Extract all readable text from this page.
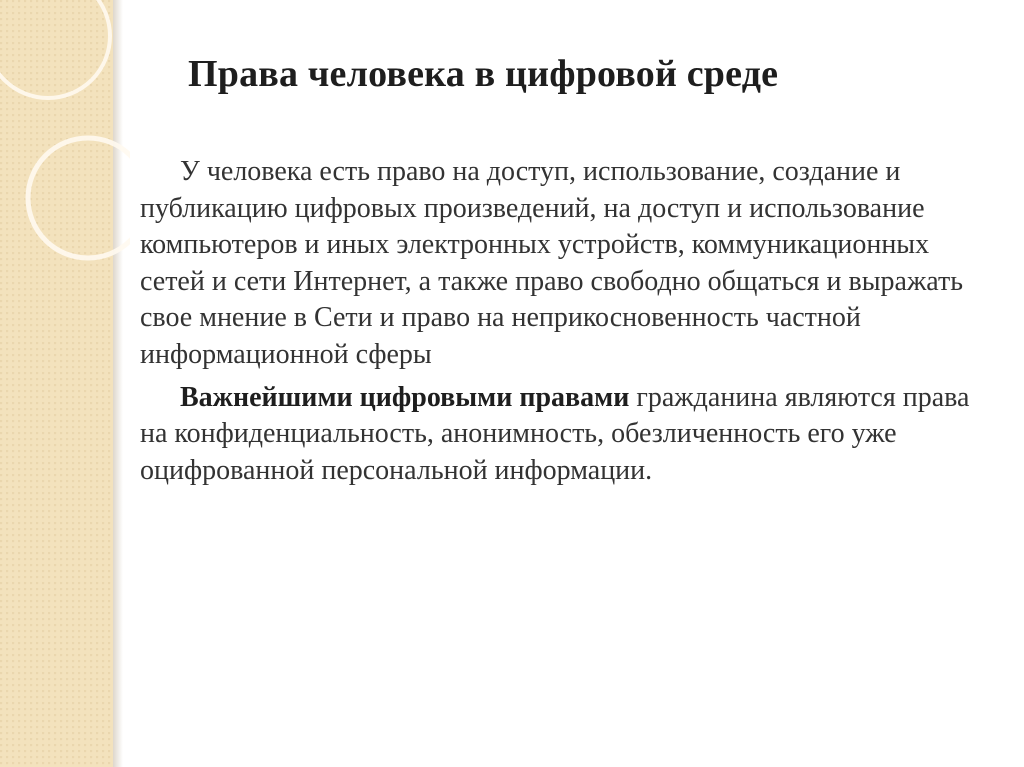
Права человека в цифровой среде

У человека есть право на доступ, использование, создание и публикацию цифровых произведений, на доступ и использование компьютеров и иных электронных устройств, коммуникационных сетей и сети Интернет, а также право свободно общаться и выражать свое мнение в Сети и право на неприкосновенность частной информационной сферы

Важнейшими цифровыми правами гражданина являются права на конфиденциальность, анонимность, обезличенность его уже оцифрованной персональной информации.
